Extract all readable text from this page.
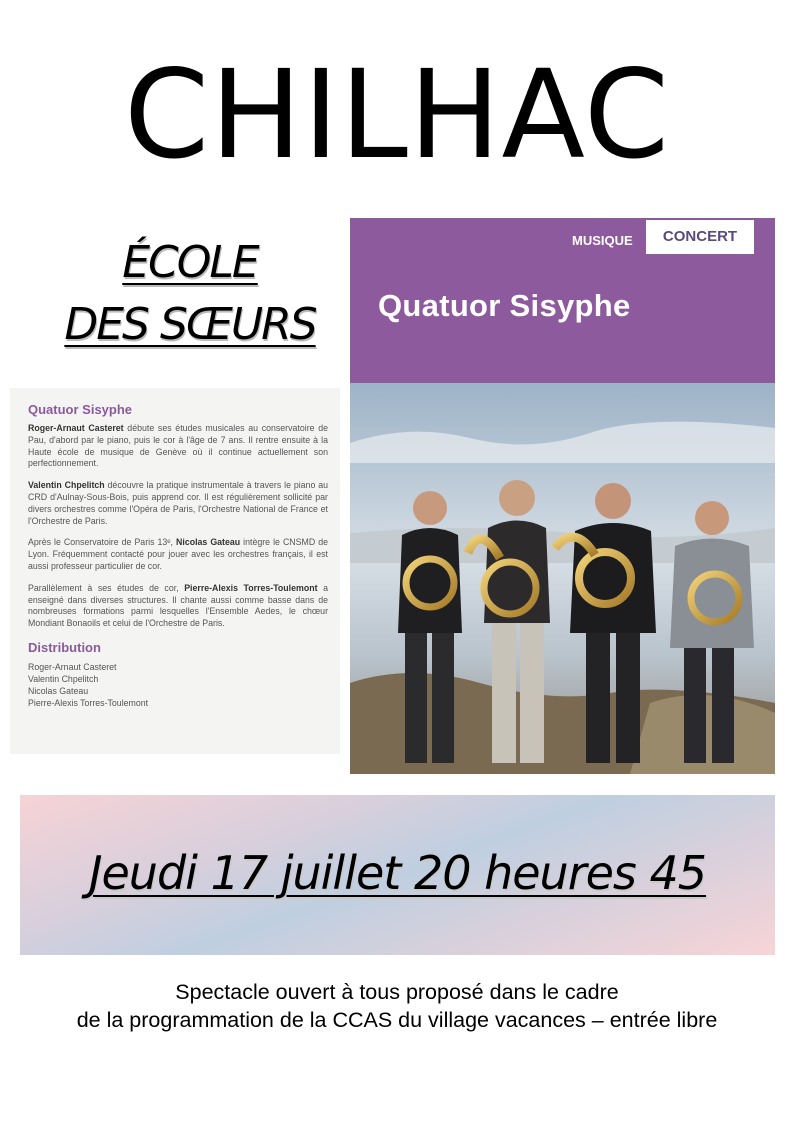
CHILHAC
ÉCOLE
DES SŒURS
Quatuor Sisyphe

Roger-Arnaut Casteret débute ses études musicales au conservatoire de Pau, d'abord par le piano, puis le cor à l'âge de 7 ans. Il rentre ensuite à la Haute école de musique de Genève où il continue actuellement son perfectionnement.

Valentin Chpelitch découvre la pratique instrumentale à travers le piano au CRD d'Aulnay-Sous-Bois, puis apprend cor. Il est régulièrement sollicité par divers orchestres comme l'Opéra de Paris, l'Orchestre National de France et l'Orchestre de Paris.

Après le Conservatoire de Paris 13ᵉ, Nicolas Gateau intègre le CNSMD de Lyon. Fréquemment contacté pour jouer avec les orchestres français, il est aussi professeur particulier de cor.

Parallèlement à ses études de cor, Pierre-Alexis Torres-Toulemont a enseigné dans diverses structures. Il chante aussi comme basse dans de nombreuses formations parmi lesquelles l'Ensemble Aedes, le chœur Mondiant Bonaoils et celui de l'Orchestre de Paris.

Distribution
Roger-Arnaut Casteret
Valentin Chpelitch
Nicolas Gateau
Pierre-Alexis Torres-Toulemont
MUSIQUE	CONCERT
Quatuor Sisyphe
Jeudi 17 juillet 20 heures 45
Spectacle ouvert à tous proposé dans le cadre
de la programmation de la CCAS du village vacances – entrée libre
